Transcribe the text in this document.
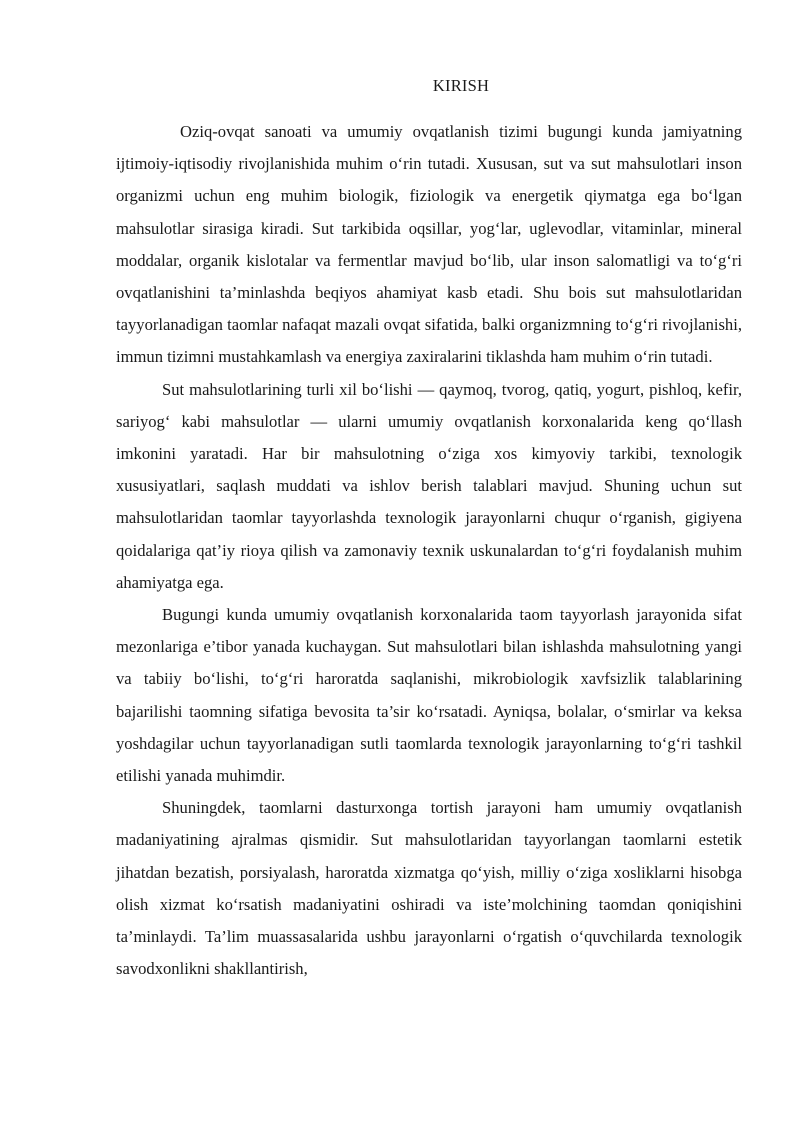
KIRISH

Oziq-ovqat sanoati va umumiy ovqatlanish tizimi bugungi kunda jamiyatning ijtimoiy-iqtisodiy rivojlanishida muhim o‘rin tutadi. Xususan, sut va sut mahsulotlari inson organizmi uchun eng muhim biologik, fiziologik va energetik qiymatga ega bo‘lgan mahsulotlar sirasiga kiradi. Sut tarkibida oqsillar, yog‘lar, uglevodlar, vitaminlar, mineral moddalar, organik kislotalar va fermentlar mavjud bo‘lib, ular inson salomatligi va to‘g‘ri ovqatlanishini ta’minlashda beqiyos ahamiyat kasb etadi. Shu bois sut mahsulotlaridan tayyorlanadigan taomlar nafaqat mazali ovqat sifatida, balki organizmning to‘g‘ri rivojlanishi, immun tizimni mustahkamlash va energiya zaxiralarini tiklashda ham muhim o‘rin tutadi.

Sut mahsulotlarining turli xil bo‘lishi — qaymoq, tvorog, qatiq, yogurt, pishloq, kefir, sariyog‘ kabi mahsulotlar — ularni umumiy ovqatlanish korxonalarida keng qo‘llash imkonini yaratadi. Har bir mahsulotning o‘ziga xos kimyoviy tarkibi, texnologik xususiyatlari, saqlash muddati va ishlov berish talablari mavjud. Shuning uchun sut mahsulotlaridan taomlar tayyorlashda texnologik jarayonlarni chuqur o‘rganish, gigiyena qoidalariga qat’iy rioya qilish va zamonaviy texnik uskunalardan to‘g‘ri foydalanish muhim ahamiyatga ega.

Bugungi kunda umumiy ovqatlanish korxonalarida taom tayyorlash jarayonida sifat mezonlariga e’tibor yanada kuchaygan. Sut mahsulotlari bilan ishlashda mahsulotning yangi va tabiiy bo‘lishi, to‘g‘ri haroratda saqlanishi, mikrobiologik xavfsizlik talablarining bajarilishi taomning sifatiga bevosita ta’sir ko‘rsatadi. Ayniqsa, bolalar, o‘smirlar va keksa yoshdagilar uchun tayyorlanadigan sutli taomlarda texnologik jarayonlarning to‘g‘ri tashkil etilishi yanada muhimdir.

Shuningdek, taomlarni dasturxonga tortish jarayoni ham umumiy ovqatlanish madaniyatining ajralmas qismidir. Sut mahsulotlaridan tayyorlangan taomlarni estetik jihatdan bezatish, porsiyalash, haroratda xizmatga qo‘yish, milliy o‘ziga xosliklarni hisobga olish xizmat ko‘rsatish madaniyatini oshiradi va iste’molchining taomdan qoniqishini ta’minlaydi. Ta’lim muassasalarida ushbu jarayonlarni o‘rgatish o‘quvchilarda texnologik savodxonlikni shakllantirish,
